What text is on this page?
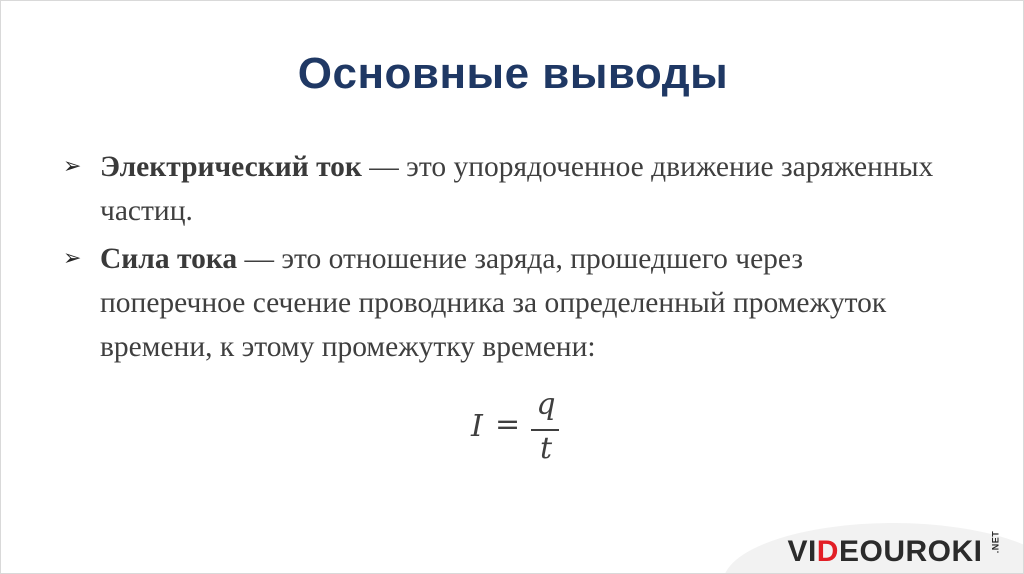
Основные выводы
➢ Электрический ток — это упорядоченное движение заряженных частиц.
➢ Сила тока — это отношение заряда, прошедшего через поперечное сечение проводника за определенный промежуток времени, к этому промежутку времени:
I =
q
t
VI D EOUROKI .NET
